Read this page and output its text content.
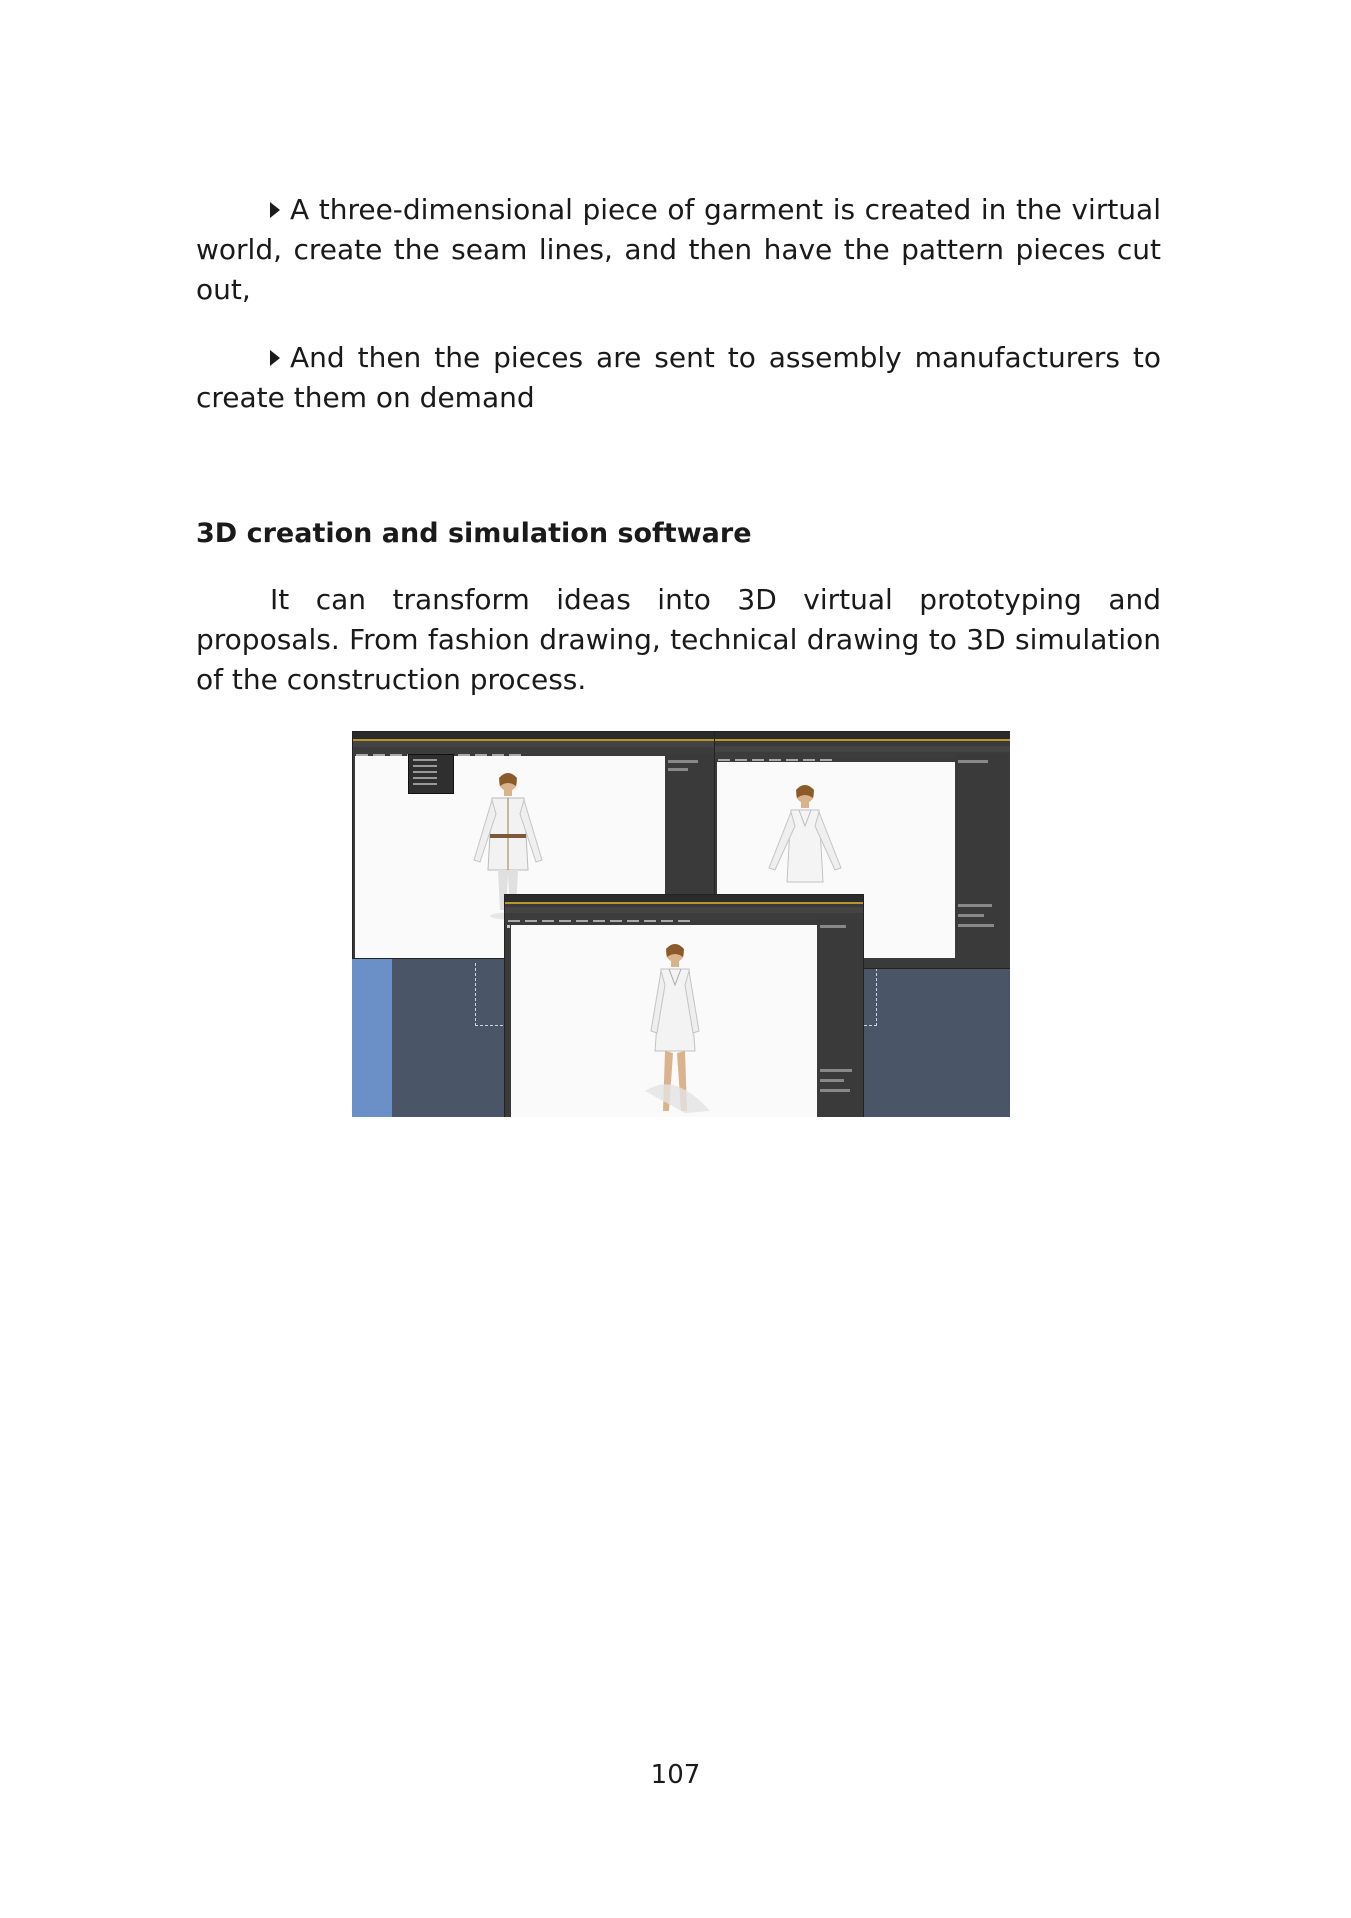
A three-dimensional piece of garment is created in the virtual world, create the seam lines, and then have the pattern pieces cut out,

And then the pieces are sent to assembly manufacturers to create them on demand

3D creation and simulation software

It can transform ideas into 3D virtual prototyping and proposals. From fashion drawing, technical drawing to 3D simulation of the construction process.

107
